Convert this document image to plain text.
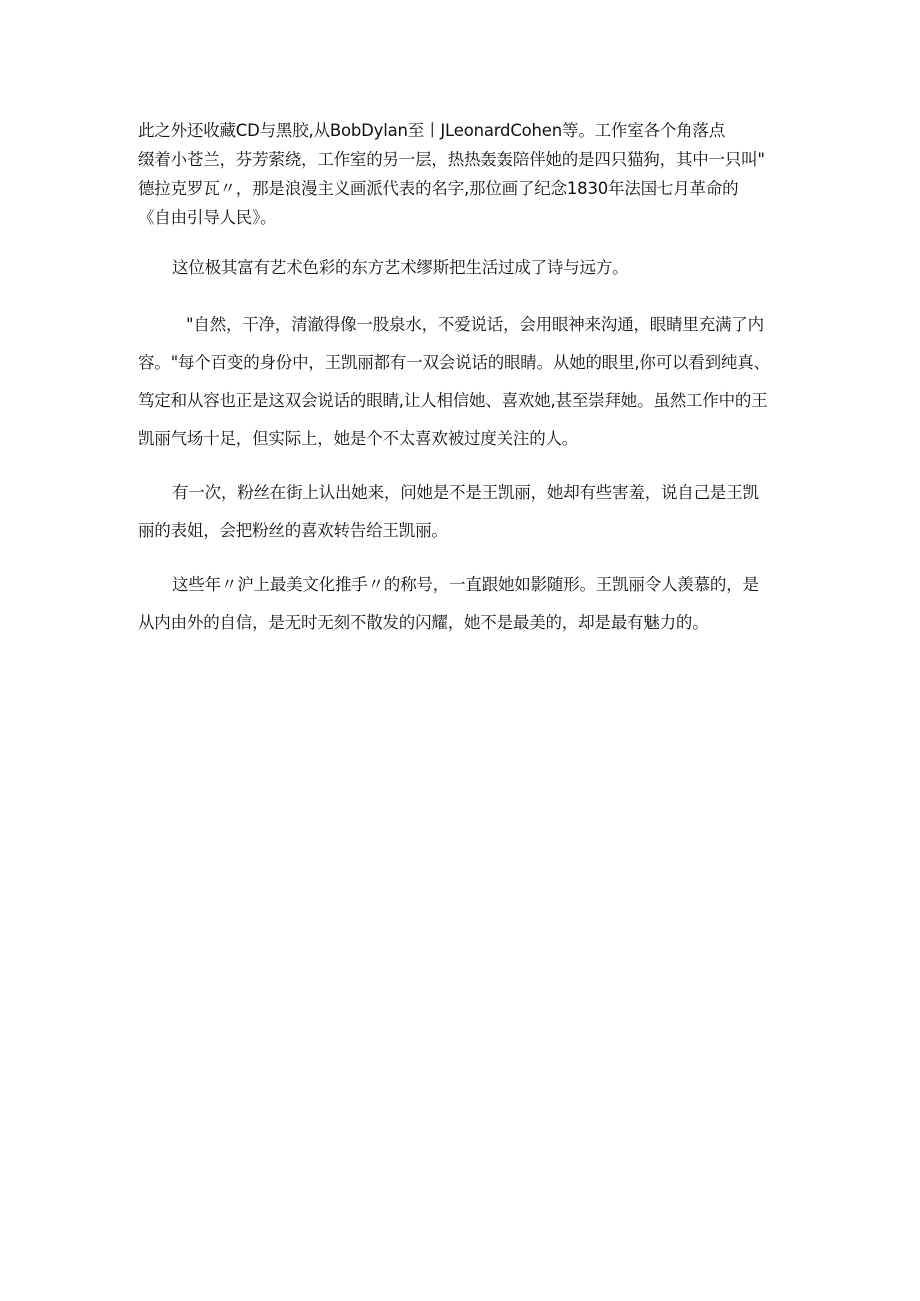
此之外还收藏CD与黑胶,从BobDylan至丨JLeonardCohen等。工作室各个角落点
缀着小苍兰，芬芳萦绕，工作室的另一层，热热轰轰陪伴她的是四只猫狗，其中一只叫"
德拉克罗瓦〃，那是浪漫主义画派代表的名字,那位画了纪念1830年法国七月革命的
《自由引导人民》。

这位极其富有艺术色彩的东方艺术缪斯把生活过成了诗与远方。

"自然，干净，清澈得像一股泉水，不爱说话，会用眼神来沟通，眼睛里充满了内
容。"每个百变的身份中，王凯丽都有一双会说话的眼睛。从她的眼里,你可以看到纯真、
笃定和从容也正是这双会说话的眼睛,让人相信她、喜欢她,甚至崇拜她。虽然工作中的王
凯丽气场十足，但实际上，她是个不太喜欢被过度关注的人。

有一次，粉丝在街上认出她来，问她是不是王凯丽，她却有些害羞，说自己是王凯
丽的表姐，会把粉丝的喜欢转告给王凯丽。

这些年〃沪上最美文化推手〃的称号，一直跟她如影随形。王凯丽令人羡慕的，是
从内由外的自信，是无时无刻不散发的闪耀，她不是最美的，却是最有魅力的。
